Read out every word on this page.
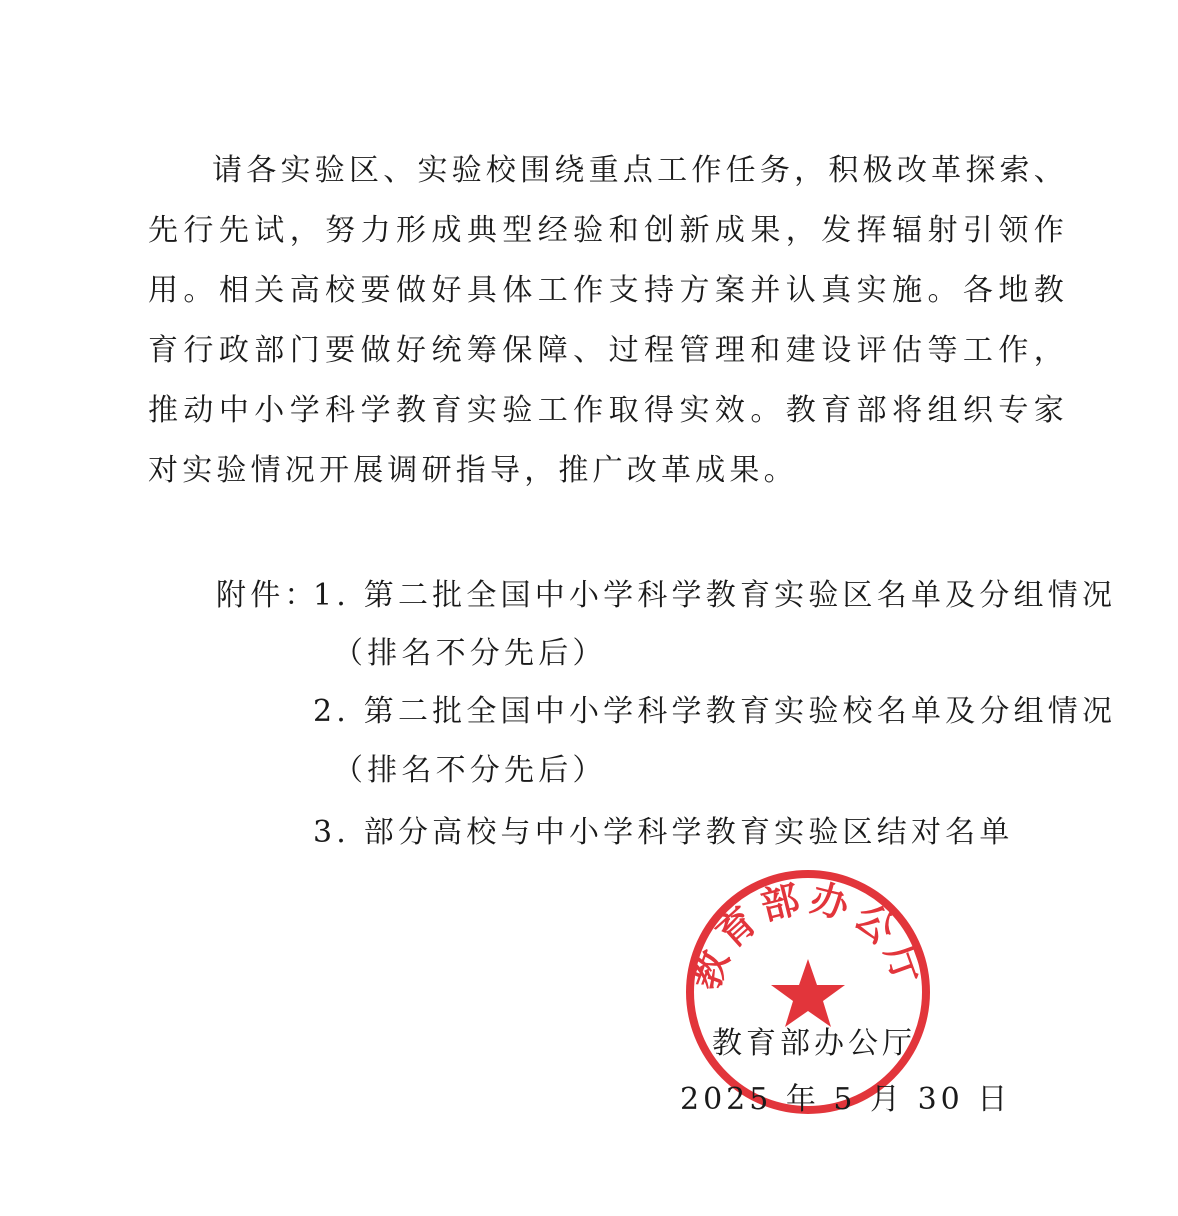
请各实验区、实验校围绕重点工作任务，积极改革探索、先行先试，努力形成典型经验和创新成果，发挥辐射引领作用。相关高校要做好具体工作支持方案并认真实施。各地教育行政部门要做好统筹保障、过程管理和建设评估等工作，推动中小学科学教育实验工作取得实效。教育部将组织专家对实验情况开展调研指导，推广改革成果。

附件：
1. 第二批全国中小学科学教育实验区名单及分组情况
（排名不分先后）
2. 第二批全国中小学科学教育实验校名单及分组情况
（排名不分先后）
3. 部分高校与中小学科学教育实验区结对名单
教育部办公厅
教育部办公厅
2025 年 5 月 30 日
